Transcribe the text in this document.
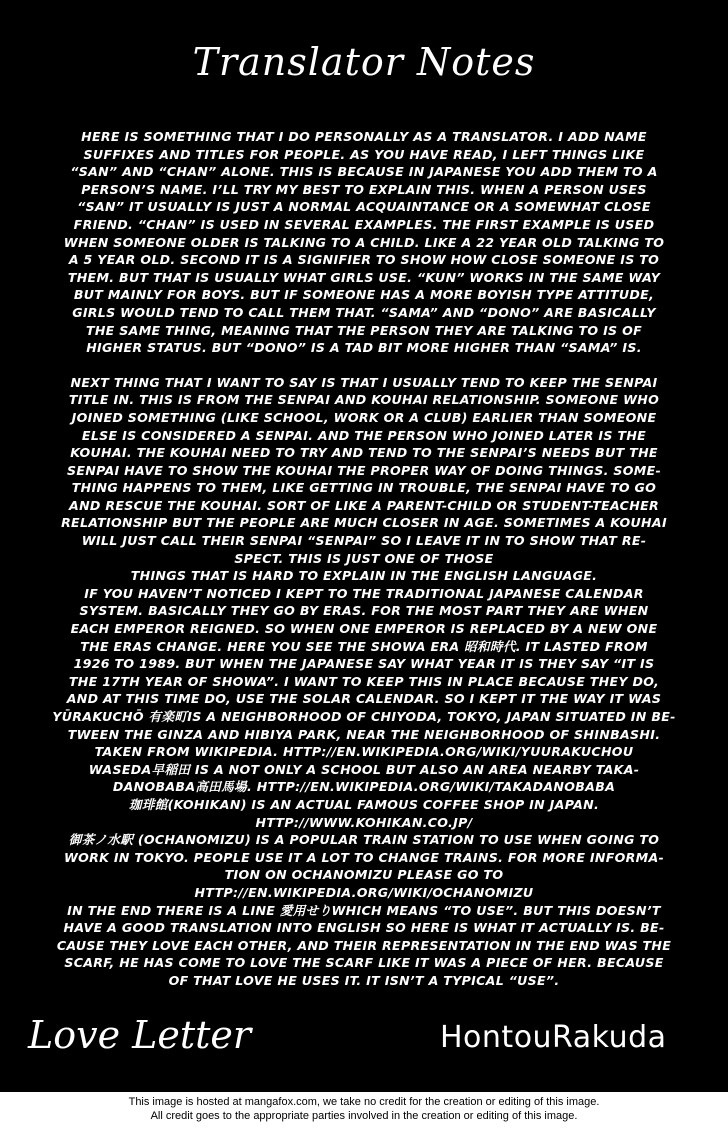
Translator Notes
HERE IS SOMETHING THAT I DO PERSONALLY AS A TRANSLATOR. I ADD NAME
SUFFIXES AND TITLES FOR PEOPLE. AS YOU HAVE READ, I LEFT THINGS LIKE
“SAN” AND “CHAN” ALONE. THIS IS BECAUSE IN JAPANESE YOU ADD THEM TO A
PERSON’S NAME. I’LL TRY MY BEST TO EXPLAIN THIS. WHEN A PERSON USES
“SAN” IT USUALLY IS JUST A NORMAL ACQUAINTANCE OR A SOMEWHAT CLOSE
FRIEND. “CHAN” IS USED IN SEVERAL EXAMPLES. THE FIRST EXAMPLE IS USED
WHEN SOMEONE OLDER IS TALKING TO A CHILD. LIKE A 22 YEAR OLD TALKING TO
A 5 YEAR OLD. SECOND IT IS A SIGNIFIER TO SHOW HOW CLOSE SOMEONE IS TO
THEM. BUT THAT IS USUALLY WHAT GIRLS USE. “KUN” WORKS IN THE SAME WAY
BUT MAINLY FOR BOYS. BUT IF SOMEONE HAS A MORE BOYISH TYPE ATTITUDE,
GIRLS WOULD TEND TO CALL THEM THAT. “SAMA” AND “DONO” ARE BASICALLY
THE SAME THING, MEANING THAT THE PERSON THEY ARE TALKING TO IS OF
HIGHER STATUS. BUT “DONO” IS A TAD BIT MORE HIGHER THAN “SAMA” IS.
NEXT THING THAT I WANT TO SAY IS THAT I USUALLY TEND TO KEEP THE SENPAI
TITLE IN. THIS IS FROM THE SENPAI AND KOUHAI RELATIONSHIP. SOMEONE WHO
JOINED SOMETHING (LIKE SCHOOL, WORK OR A CLUB) EARLIER THAN SOMEONE
ELSE IS CONSIDERED A SENPAI. AND THE PERSON WHO JOINED LATER IS THE
KOUHAI. THE KOUHAI NEED TO TRY AND TEND TO THE SENPAI’S NEEDS BUT THE
SENPAI HAVE TO SHOW THE KOUHAI THE PROPER WAY OF DOING THINGS. SOME-
THING HAPPENS TO THEM, LIKE GETTING IN TROUBLE, THE SENPAI HAVE TO GO
AND RESCUE THE KOUHAI. SORT OF LIKE A PARENT-CHILD OR STUDENT-TEACHER
RELATIONSHIP BUT THE PEOPLE ARE MUCH CLOSER IN AGE. SOMETIMES A KOUHAI
WILL JUST CALL THEIR SENPAI “SENPAI” SO I LEAVE IT IN TO SHOW THAT RE-
SPECT. THIS IS JUST ONE OF THOSE
THINGS THAT IS HARD TO EXPLAIN IN THE ENGLISH LANGUAGE.
IF YOU HAVEN’T NOTICED I KEPT TO THE TRADITIONAL JAPANESE CALENDAR
SYSTEM. BASICALLY THEY GO BY ERAS. FOR THE MOST PART THEY ARE WHEN
EACH EMPEROR REIGNED. SO WHEN ONE EMPEROR IS REPLACED BY A NEW ONE
THE ERAS CHANGE. HERE YOU SEE THE SHOWA ERA 昭和時代. IT LASTED FROM
1926 TO 1989. BUT WHEN THE JAPANESE SAY WHAT YEAR IT IS THEY SAY “IT IS
THE 17TH YEAR OF SHOWA”. I WANT TO KEEP THIS IN PLACE BECAUSE THEY DO,
AND AT THIS TIME DO, USE THE SOLAR CALENDAR. SO I KEPT IT THE WAY IT WAS
YŪRAKUCHŌ 有楽町IS A NEIGHBORHOOD OF CHIYODA, TOKYO, JAPAN SITUATED IN BE-
TWEEN THE GINZA AND HIBIYA PARK, NEAR THE NEIGHBORHOOD OF SHINBASHI.
TAKEN FROM WIKIPEDIA. HTTP://EN.WIKIPEDIA.ORG/WIKI/YUURAKUCHOU
WASEDA早稲田 IS A NOT ONLY A SCHOOL BUT ALSO AN AREA NEARBY TAKA-
DANOBABA高田馬場. HTTP://EN.WIKIPEDIA.ORG/WIKI/TAKADANOBABA
珈琲館(KOHIKAN) IS AN ACTUAL FAMOUS COFFEE SHOP IN JAPAN.
HTTP://WWW.KOHIKAN.CO.JP/
御茶ノ水駅 (OCHANOMIZU) IS A POPULAR TRAIN STATION TO USE WHEN GOING TO
WORK IN TOKYO. PEOPLE USE IT A LOT TO CHANGE TRAINS. FOR MORE INFORMA-
TION ON OCHANOMIZU PLEASE GO TO
HTTP://EN.WIKIPEDIA.ORG/WIKI/OCHANOMIZU
IN THE END THERE IS A LINE 愛用せりWHICH MEANS “TO USE”. BUT THIS DOESN’T
HAVE A GOOD TRANSLATION INTO ENGLISH SO HERE IS WHAT IT ACTUALLY IS. BE-
CAUSE THEY LOVE EACH OTHER, AND THEIR REPRESENTATION IN THE END WAS THE
SCARF, HE HAS COME TO LOVE THE SCARF LIKE IT WAS A PIECE OF HER. BECAUSE
OF THAT LOVE HE USES IT. IT ISN’T A TYPICAL “USE”.
Love Letter	HontouRakuda
This image is hosted at mangafox.com, we take no credit for the creation or editing of this image.
All credit goes to the appropriate parties involved in the creation or editing of this image.
